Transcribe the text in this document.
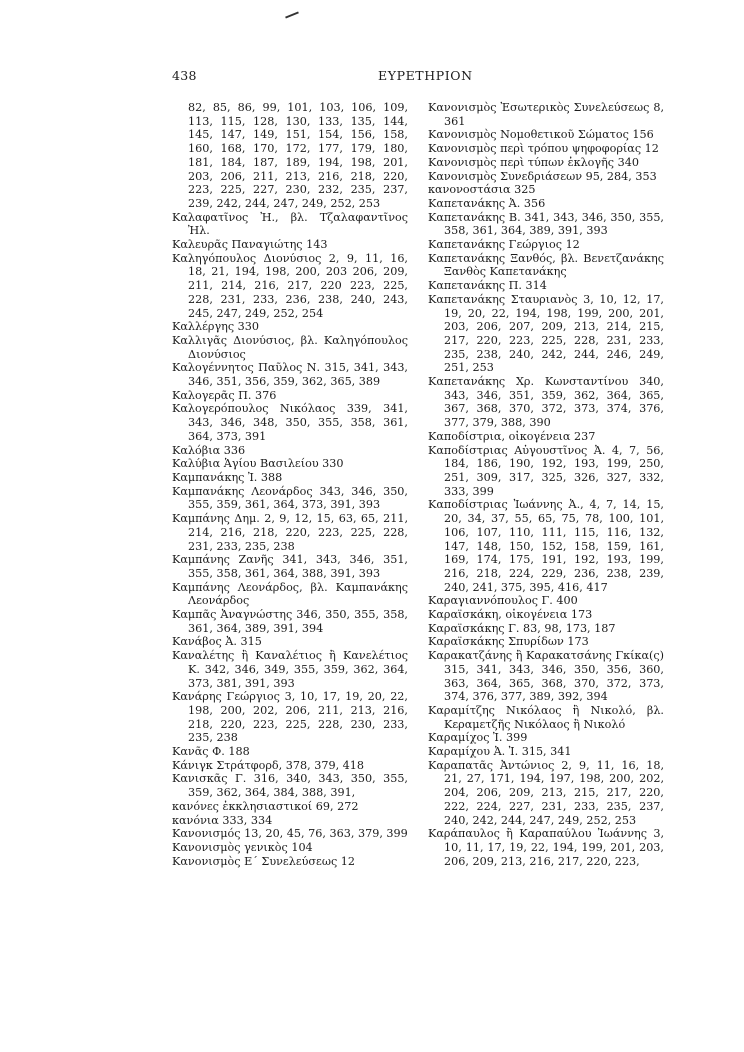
438	ΕΥΡΕΤΗΡΙΟΝ

82, 85, 86, 99, 101, 103, 106, 109, 113, 115, 128, 130, 133, 135, 144, 145, 147, 149, 151, 154, 156, 158, 160, 168, 170, 172, 177, 179, 180, 181, 184, 187, 189, 194, 198, 201, 203, 206, 211, 213, 216, 218, 220, 223, 225, 227, 230, 232, 235, 237, 239, 242, 244, 247, 249, 252, 253

Καλαφατῖνος Ἠ., βλ. Τζαλαφαντῖνος Ἠλ.

Καλευρᾶς Παναγιώτης 143

Καληγόπουλος Διονύσιος 2, 9, 11, 16, 18, 21, 194, 198, 200, 203 206, 209, 211, 214, 216, 217, 220 223, 225, 228, 231, 233, 236, 238, 240, 243, 245, 247, 249, 252, 254

Καλλέργης 330

Καλλιγᾶς Διονύσιος, βλ. Καληγόπουλος Διονύσιος

Καλογέννητος Παῦλος Ν. 315, 341, 343, 346, 351, 356, 359, 362, 365, 389

Καλογερᾶς Π. 376

Καλογερόπουλος Νικόλαος 339, 341, 343, 346, 348, 350, 355, 358, 361, 364, 373, 391

Καλόβια 336

Καλύβια Ἁγίου Βασιλείου 330

Καμπανάκης Ἰ. 388

Καμπανάκης Λεονάρδος 343, 346, 350, 355, 359, 361, 364, 373, 391, 393

Καμπάνης Δημ. 2, 9, 12, 15, 63, 65, 211, 214, 216, 218, 220, 223, 225, 228, 231, 233, 235, 238

Καμπάνης Ζανῆς 341, 343, 346, 351, 355, 358, 361, 364, 388, 391, 393

Καμπάνης Λεονάρδος, βλ. Καμπανάκης Λεονάρδος

Καμπᾶς Ἀναγνώστης 346, 350, 355, 358, 361, 364, 389, 391, 394

Κανάβος Ἀ. 315

Καναλέτης ἢ Καναλέτιος ἢ Κανελέτιος Κ. 342, 346, 349, 355, 359, 362, 364, 373, 381, 391, 393

Κανάρης Γεώργιος 3, 10, 17, 19, 20, 22, 198, 200, 202, 206, 211, 213, 216, 218, 220, 223, 225, 228, 230, 233, 235, 238

Κανᾶς Φ. 188

Κάνιγκ Στράτφορδ, 378, 379, 418

Κανισκᾶς Γ. 316, 340, 343, 350, 355, 359, 362, 364, 384, 388, 391,

κανόνες ἐκκλησιαστικοί 69, 272

κανόνια 333, 334

Κανονισμός 13, 20, 45, 76, 363, 379, 399

Κανονισμὸς γενικὸς 104

Κανονισμὸς Ε΄ Συνελεύσεως 12

Κανονισμὸς Ἐσωτερικὸς Συνελεύσεως 8, 361

Κανονισμὸς Νομοθετικοῦ Σώματος 156

Κανονισμὸς περὶ τρόπου ψηφοφορίας 12

Κανονισμὸς περὶ τύπων ἐκλογῆς 340

Κανονισμὸς Συνεδριάσεων 95, 284, 353

κανονοστάσια 325

Καπετανάκης Ἀ. 356

Καπετανάκης Β. 341, 343, 346, 350, 355, 358, 361, 364, 389, 391, 393

Καπετανάκης Γεώργιος 12

Καπετανάκης Ξανθός, βλ. Βενετζανάκης Ξανθὸς Καπετανάκης

Καπετανάκης Π. 314

Καπετανάκης Σταυριανὸς 3, 10, 12, 17, 19, 20, 22, 194, 198, 199, 200, 201, 203, 206, 207, 209, 213, 214, 215, 217, 220, 223, 225, 228, 231, 233, 235, 238, 240, 242, 244, 246, 249, 251, 253

Καπετανάκης Χρ. Κωνσταντίνου 340, 343, 346, 351, 359, 362, 364, 365, 367, 368, 370, 372, 373, 374, 376, 377, 379, 388, 390

Καποδίστρια, οἰκογένεια 237

Καποδίστριας Αὐγουστῖνος Ἀ. 4, 7, 56, 184, 186, 190, 192, 193, 199, 250, 251, 309, 317, 325, 326, 327, 332, 333, 399

Καποδίστριας Ἰωάννης Ἀ., 4, 7, 14, 15, 20, 34, 37, 55, 65, 75, 78, 100, 101, 106, 107, 110, 111, 115, 116, 132, 147, 148, 150, 152, 158, 159, 161, 169, 174, 175, 191, 192, 193, 199, 216, 218, 224, 229, 236, 238, 239, 240, 241, 375, 395, 416, 417

Καραγιαννόπουλος Γ. 400

Καραϊσκάκη, οἰκογένεια 173

Καραϊσκάκης Γ. 83, 98, 173, 187

Καραϊσκάκης Σπυρίδων 173

Καρακατζάνης ἢ Καρακατσάνης Γκίκα(ς) 315, 341, 343, 346, 350, 356, 360, 363, 364, 365, 368, 370, 372, 373, 374, 376, 377, 389, 392, 394

Καραμίτζης Νικόλαος ἢ Νικολό, βλ. Κεραμετζῆς Νικόλαος ἢ Νικολό

Καραμίχος Ἰ. 399

Καραμίχου Ἀ. Ἰ. 315, 341

Καραπατᾶς Ἀντώνιος 2, 9, 11, 16, 18, 21, 27, 171, 194, 197, 198, 200, 202, 204, 206, 209, 213, 215, 217, 220, 222, 224, 227, 231, 233, 235, 237, 240, 242, 244, 247, 249, 252, 253

Καράπαυλος ἢ Καραπαύλου Ἰωάννης 3, 10, 11, 17, 19, 22, 194, 199, 201, 203, 206, 209, 213, 216, 217, 220, 223,
